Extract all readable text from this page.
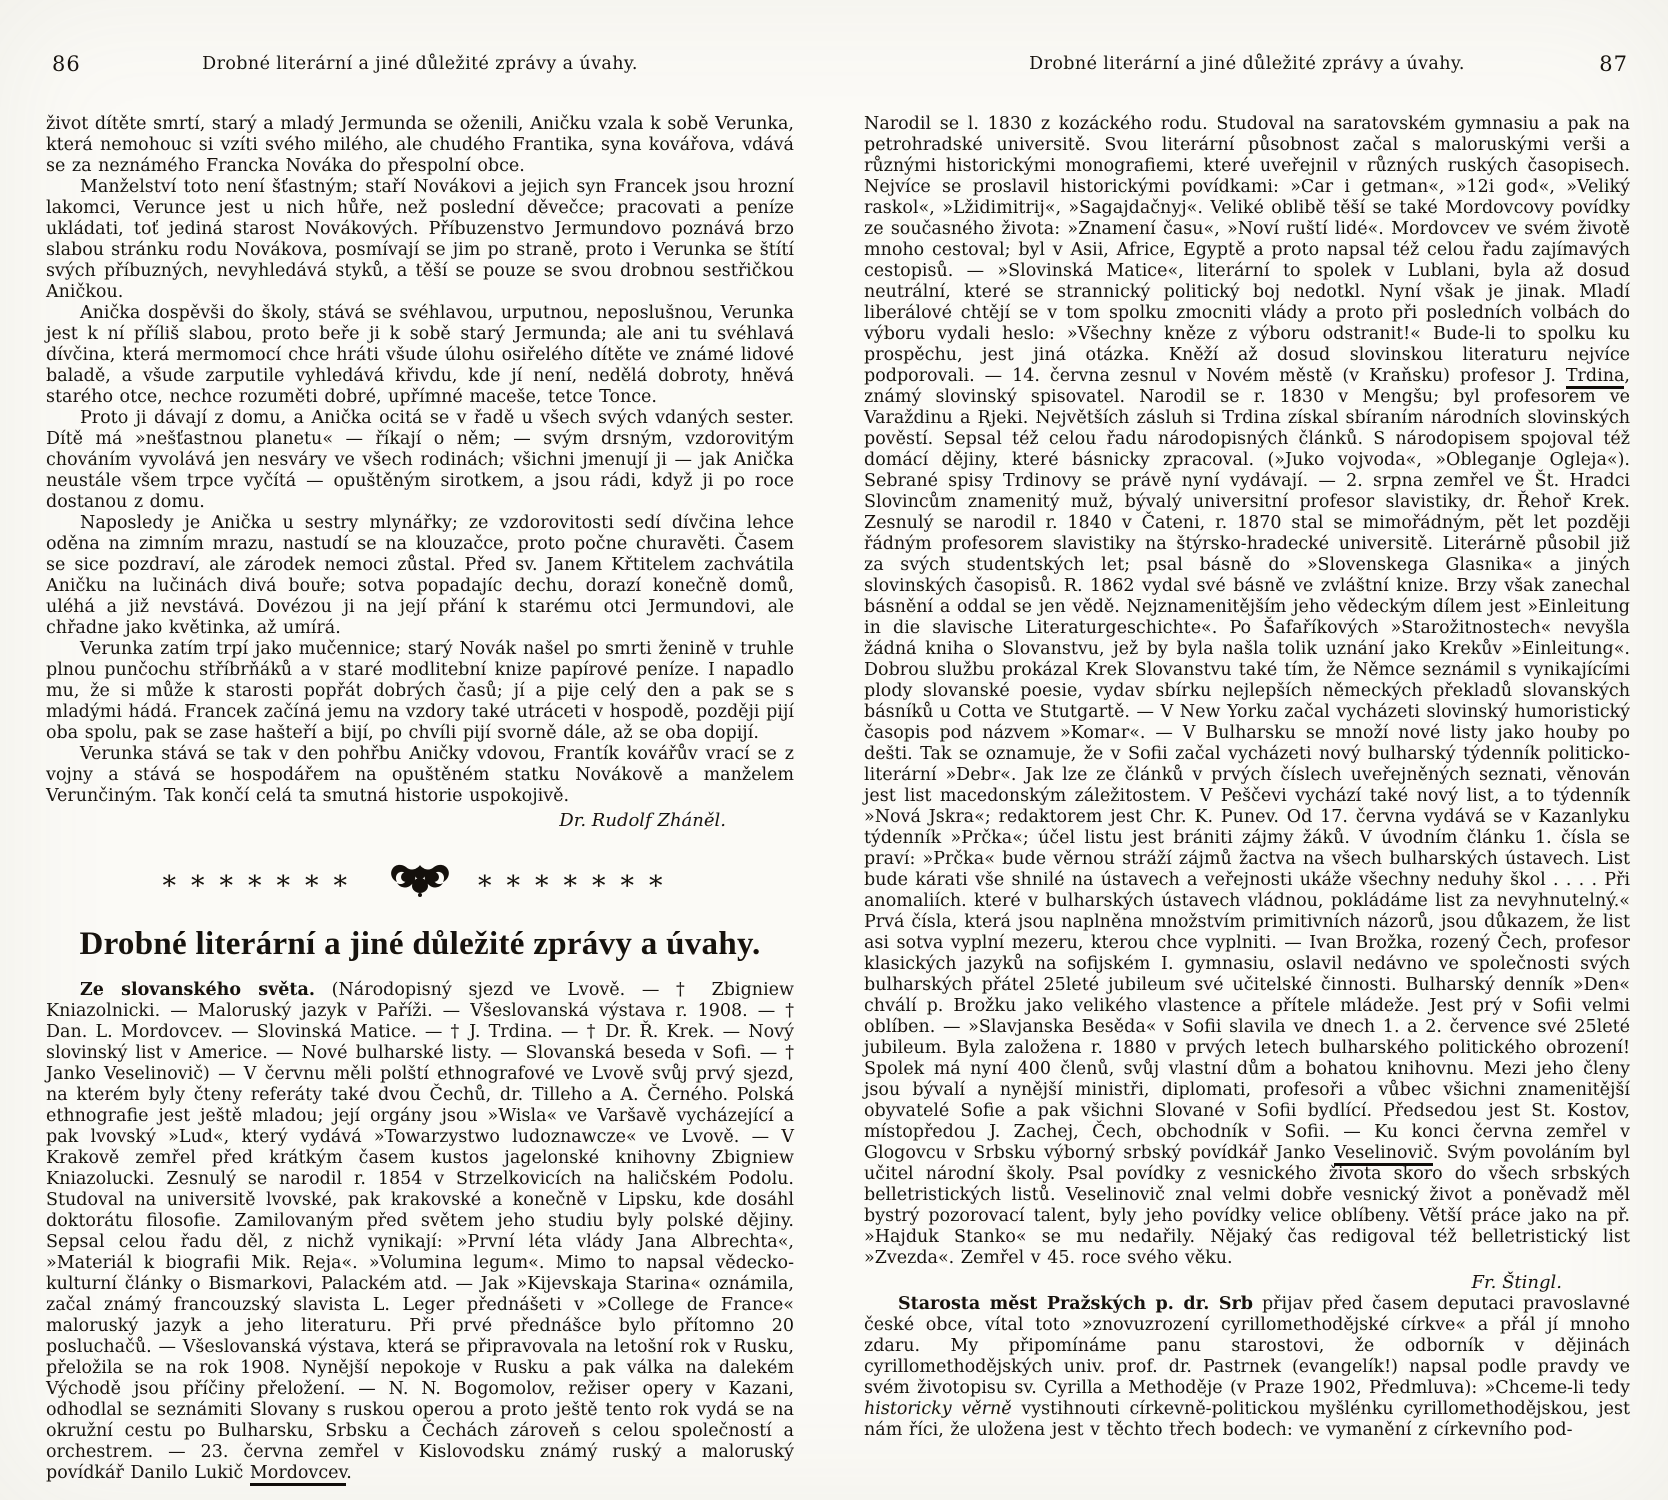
86	Drobné literární a jiné důležité zprávy a úvahy.

život dítěte smrtí, starý a mladý Jermunda se oženili, Aničku vzala k sobě Verunka, která nemohouc si vzíti svého milého, ale chudého Frantika, syna kovářova, vdává se za neznámého Francka Nováka do přespolní obce.

Manželství toto není šťastným; staří Novákovi a jejich syn Francek jsou hrozní lakomci, Verunce jest u nich hůře, než poslední děvečce; pracovati a peníze ukládati, toť jediná starost Novákových. Příbuzenstvo Jermundovo poznává brzo slabou stránku rodu Novákova, posmívají se jim po straně, proto i Verunka se štítí svých příbuzných, nevyhledává styků, a těší se pouze se svou drobnou sestřičkou Aničkou.

Anička dospěvši do školy, stává se svéhlavou, urputnou, neposlušnou, Verunka jest k ní příliš slabou, proto beře ji k sobě starý Jermunda; ale ani tu svéhlavá dívčina, která mermomocí chce hráti všude úlohu osiřelého dítěte ve známé lidové baladě, a všude zarputile vyhledává křivdu, kde jí není, nedělá dobroty, hněvá starého otce, nechce rozuměti dobré, upřímné maceše, tetce Tonce.

Proto ji dávají z domu, a Anička ocitá se v řadě u všech svých vdaných sester. Dítě má »nešťastnou planetu« — říkají o něm; — svým drsným, vzdorovitým chováním vyvolává jen nesváry ve všech rodinách; všichni jmenují ji — jak Anička neustále všem trpce vyčítá — opuštěným sirotkem, a jsou rádi, když ji po roce dostanou z domu.

Naposledy je Anička u sestry mlynářky; ze vzdorovitosti sedí dívčina lehce oděna na zimním mrazu, nastudí se na klouzačce, proto počne churavěti. Časem se sice pozdraví, ale zárodek nemoci zůstal. Před sv. Janem Křtitelem zachvátila Aničku na lučinách divá bouře; sotva popadajíc dechu, dorazí konečně domů, uléhá a již nevstává. Dovézou ji na její přání k starému otci Jermundovi, ale chřadne jako květinka, až umírá.

Verunka zatím trpí jako mučennice; starý Novák našel po smrti ženině v truhle plnou punčochu stříbrňáků a v staré modlitební knize papírové peníze. I napadlo mu, že si může k starosti popřát dobrých časů; jí a pije celý den a pak se s mladými hádá. Francek začíná jemu na vzdory také utráceti v hospodě, později pijí oba spolu, pak se zase hašteří a bijí, po chvíli pijí svorně dále, až se oba dopijí.

Verunka stává se tak v den pohřbu Aničky vdovou, Frantík kovářův vrací se z vojny a stává se hospodářem na opuštěném statku Novákově a manželem Verunčiným. Tak končí celá ta smutná historie uspokojivě.

Dr. Rudolf Zháněl.

*******	*******
Drobné literární a jiné důležité zprávy a úvahy.

Ze slovanského světa. (Národopisný sjezd ve Lvově. — † Zbigniew Kniazolnicki. — Maloruský jazyk v Paříži. — Všeslovanská výstava r. 1908. — † Dan. L. Mordovcev. — Slovinská Matice. — † J. Trdina. — † Dr. Ř. Krek. — Nový slovinský list v Americe. — Nové bulharské listy. — Slovanská beseda v Sofi. — † Janko Veselinovič) — V červnu měli polští ethnografové ve Lvově svůj prvý sjezd, na kterém byly čteny referáty také dvou Čechů, dr. Tilleho a A. Černého. Polská ethnografie jest ještě mladou; její orgány jsou »Wisla« ve Varšavě vycházející a pak lvovský »Lud«, který vydává »Towarzystwo ludoznawcze« ve Lvově. — V Krakově zemřel před krátkým časem kustos jagelonské knihovny Zbigniew Kniazolucki. Zesnulý se narodil r. 1854 v Strzelkovicích na haličském Podolu. Studoval na universitě lvovské, pak krakovské a konečně v Lipsku, kde dosáhl doktorátu filosofie. Zamilovaným před světem jeho studiu byly polské dějiny. Sepsal celou řadu děl, z nichž vynikají: »První léta vlády Jana Albrechta«, »Materiál k biografii Mik. Reja«. »Volumina legum«. Mimo to napsal vědecko-kulturní články o Bismarkovi, Palackém atd. — Jak »Kijevskaja Starina« oznámila, začal známý francouzský slavista L. Leger přednášeti v »College de France« maloruský jazyk a jeho literaturu. Při prvé přednášce bylo přítomno 20 posluchačů. — Všeslovanská výstava, která se připravovala na letošní rok v Rusku, přeložila se na rok 1908. Nynější nepokoje v Rusku a pak válka na dalekém Východě jsou příčiny přeložení. — N. N. Bogomolov, režiser opery v Kazani, odhodlal se seznámiti Slovany s ruskou operou a proto ještě tento rok vydá se na okružní cestu po Bulharsku, Srbsku a Čechách zároveň s celou společností a orchestrem. — 23. června zemřel v Kislovodsku známý ruský a maloruský povídkář Danilo Lukič Mordovcev.

Drobné literární a jiné důležité zprávy a úvahy.	87

Narodil se l. 1830 z kozáckého rodu. Studoval na saratovském gymnasiu a pak na petrohradské universitě. Svou literární působnost začal s maloruskými verši a různými historickými monografiemi, které uveřejnil v různých ruských časopisech. Nejvíce se proslavil historickými povídkami: »Car i getman«, »12i god«, »Veliký raskol«, »Lžidimitrij«, »Sagajdačnyj«. Veliké oblibě těší se také Mordovcovy povídky ze současného života: »Znamení času«, »Noví ruští lidé«. Mordovcev ve svém životě mnoho cestoval; byl v Asii, Africe, Egyptě a proto napsal též celou řadu zajímavých cestopisů. — »Slovinská Matice«, literární to spolek v Lublani, byla až dosud neutrální, které se strannický politický boj nedotkl. Nyní však je jinak. Mladí liberálové chtějí se v tom spolku zmocniti vlády a proto při posledních volbách do výboru vydali heslo: »Všechny kněze z výboru odstranit!« Bude-li to spolku ku prospěchu, jest jiná otázka. Kněží až dosud slovinskou literaturu nejvíce podporovali. — 14. června zesnul v Novém městě (v Kraňsku) profesor J. Trdina, známý slovinský spisovatel. Narodil se r. 1830 v Mengšu; byl profesorem ve Varaždinu a Rjeki. Největších zásluh si Trdina získal sbíraním národních slovinských pověstí. Sepsal též celou řadu národopisných článků. S národopisem spojoval též domácí dějiny, které básnicky zpracoval. (»Juko vojvoda«, »Obleganje Ogleja«). Sebrané spisy Trdinovy se právě nyní vydávají. — 2. srpna zemřel ve Št. Hradci Slovincům znamenitý muž, bývalý universitní profesor slavistiky, dr. Řehoř Krek. Zesnulý se narodil r. 1840 v Čateni, r. 1870 stal se mimořádným, pět let později řádným profesorem slavistiky na štýrsko-hradecké universitě. Literárně působil již za svých studentských let; psal básně do »Slovenskega Glasnika« a jiných slovinských časopisů. R. 1862 vydal své básně ve zvláštní knize. Brzy však zanechal básnění a oddal se jen vědě. Nejznamenitějším jeho vědeckým dílem jest »Einleitung in die slavische Literaturgeschichte«. Po Šafaříkových »Starožitnostech« nevyšla žádná kniha o Slovanstvu, jež by byla našla tolik uznání jako Krekův »Einleitung«. Dobrou službu prokázal Krek Slovanstvu také tím, že Němce seznámil s vynikajícími plody slovanské poesie, vydav sbírku nejlepších německých překladů slovanských básníků u Cotta ve Stutgartě. — V New Yorku začal vycházeti slovinský humoristický časopis pod názvem »Komar«. — V Bulharsku se množí nové listy jako houby po dešti. Tak se oznamuje, že v Sofii začal vycházeti nový bulharský týdenník politicko-literární »Debr«. Jak lze ze článků v prvých číslech uveřejněných seznati, věnován jest list macedonským záležitostem. V Peščevi vychází také nový list, a to týdenník »Nová Jskra«; redaktorem jest Chr. K. Punev. Od 17. června vydává se v Kazanlyku týdenník »Prčka«; účel listu jest brániti zájmy žáků. V úvodním článku 1. čísla se praví: »Prčka« bude věrnou stráží zájmů žactva na všech bulharských ústavech. List bude kárati vše shnilé na ústavech a veřejnosti ukáže všechny neduhy škol . . . . Při anomaliích. které v bulharských ústavech vládnou, pokládáme list za nevyhnutelný.« Prvá čísla, která jsou naplněna množstvím primitivních názorů, jsou důkazem, že list asi sotva vyplní mezeru, kterou chce vyplniti. — Ivan Brožka, rozený Čech, profesor klasických jazyků na sofijském I. gymnasiu, oslavil nedávno ve společnosti svých bulharských přátel 25leté jubileum své učitelské činnosti. Bulharský denník »Den« chválí p. Brožku jako velikého vlastence a přítele mládeže. Jest prý v Sofii velmi oblíben. — »Slavjanska Besěda« v Sofii slavila ve dnech 1. a 2. července své 25leté jubileum. Byla založena r. 1880 v prvých letech bulharského politického obrození! Spolek má nyní 400 členů, svůj vlastní dům a bohatou knihovnu. Mezi jeho členy jsou bývalí a nynější ministři, diplomati, profesoři a vůbec všichni znamenitější obyvatelé Sofie a pak všichni Slované v Sofii bydlící. Předsedou jest St. Kostov, místopředou J. Zachej, Čech, obchodník v Sofii. — Ku konci června zemřel v Glogovcu v Srbsku výborný srbský povídkář Janko Veselinovič. Svým povoláním byl učitel národní školy. Psal povídky z vesnického života skoro do všech srbských belletristických listů. Veselinovič znal velmi dobře vesnický život a poněvadž měl bystrý pozorovací talent, byly jeho povídky velice oblíbeny. Větší práce jako na př. »Hajduk Stanko« se mu nedařily. Nějaký čas redigoval též belletristický list »Zvezda«. Zemřel v 45. roce svého věku.

Fr. Štingl.

Starosta měst Pražských p. dr. Srb přijav před časem deputaci pravoslavné české obce, vítal toto »znovuzrození cyrillomethodějské církve« a přál jí mnoho zdaru. My připomínáme panu starostovi, že odborník v dějinách cyrillomethodějských univ. prof. dr. Pastrnek (evangelík!) napsal podle pravdy ve svém životopisu sv. Cyrilla a Methoděje (v Praze 1902, Předmluva): »Chceme-li tedy historicky věrně vystihnouti církevně-politickou myšlénku cyrillomethodějskou, jest nám říci, že uložena jest v těchto třech bodech: ve vymanění z církevního pod-
